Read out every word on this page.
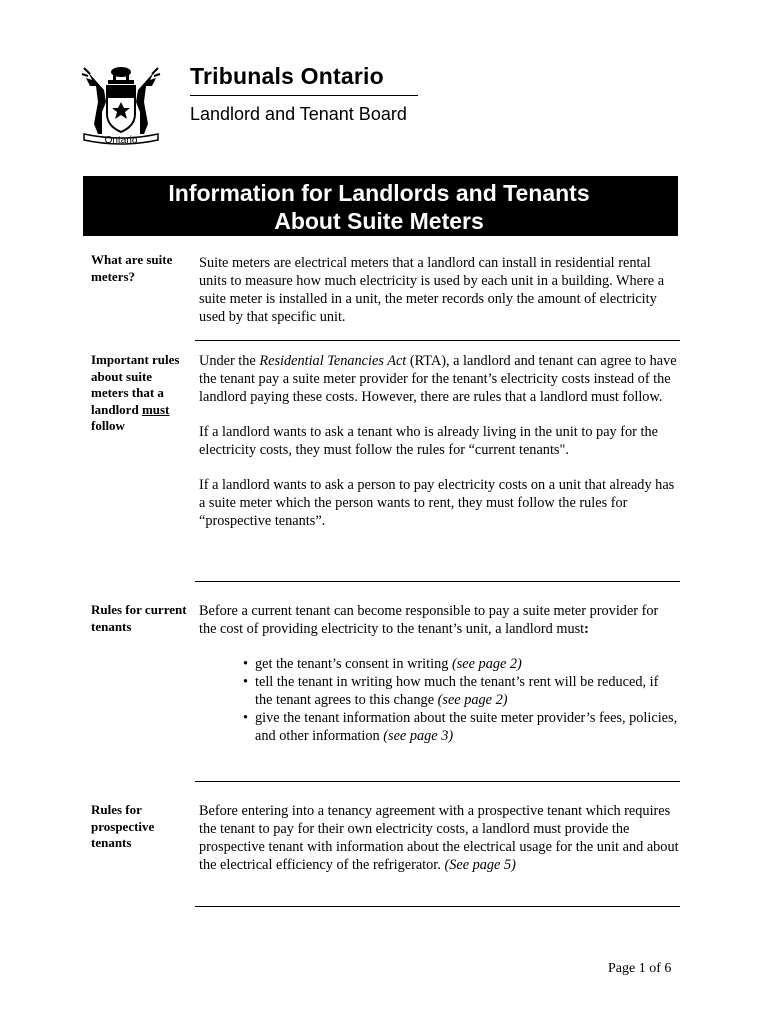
Ontario
Tribunals Ontario
Landlord and Tenant Board
Information for Landlords and Tenants
About Suite Meters
What are suite meters?

Suite meters are electrical meters that a landlord can install in residential rental units to measure how much electricity is used by each unit in a building. Where a suite meter is installed in a unit, the meter records only the amount of electricity used by that specific unit.

Important rules about suite meters that a landlord must follow

Under the Residential Tenancies Act (RTA), a landlord and tenant can agree to have the tenant pay a suite meter provider for the tenant’s electricity costs instead of the landlord paying these costs. However, there are rules that a landlord must follow.

If a landlord wants to ask a tenant who is already living in the unit to pay for the electricity costs, they must follow the rules for “current tenants".

If a landlord wants to ask a person to pay electricity costs on a unit that already has a suite meter which the person wants to rent, they must follow the rules for “prospective tenants”.

Rules for current tenants

Before a current tenant can become responsible to pay a suite meter provider for the cost of providing electricity to the tenant’s unit, a landlord must:

• get the tenant’s consent in writing (see page 2)
• tell the tenant in writing how much the tenant’s rent will be reduced, if the tenant agrees to this change (see page 2)
• give the tenant information about the suite meter provider’s fees, policies, and other information (see page 3)
Rules for prospective tenants

Before entering into a tenancy agreement with a prospective tenant which requires the tenant to pay for their own electricity costs, a landlord must provide the prospective tenant with information about the electrical usage for the unit and about the electrical efficiency of the refrigerator. (See page 5)

Page 1 of 6
